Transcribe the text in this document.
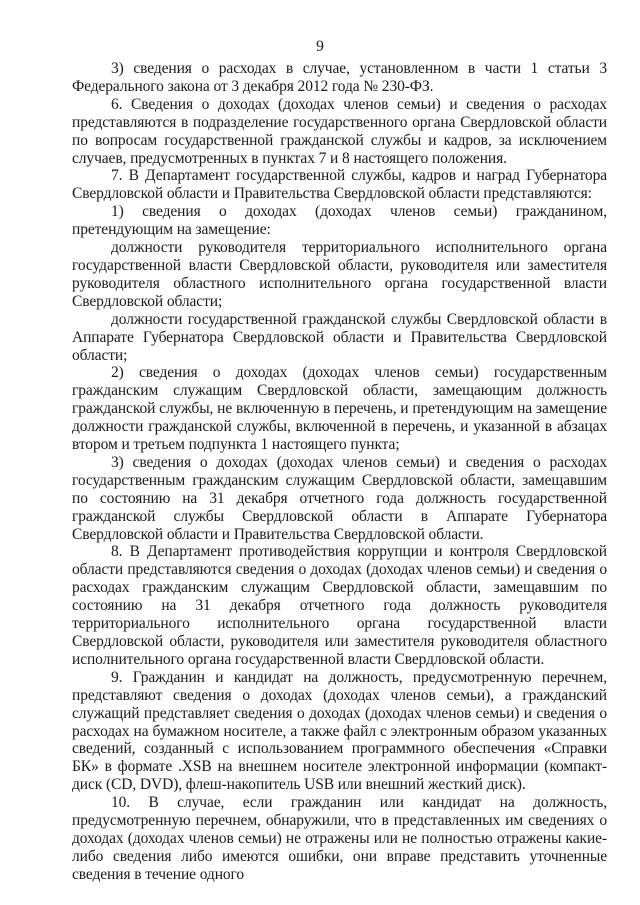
9

3) сведения о расходах в случае, установленном в части 1 статьи 3 Федерального закона от 3 декабря 2012 года № 230-ФЗ.

6. Сведения о доходах (доходах членов семьи) и сведения о расходах представляются в подразделение государственного органа Свердловской области по вопросам государственной гражданской службы и кадров, за исключением случаев, предусмотренных в пунктах 7 и 8 настоящего положения.

7. В Департамент государственной службы, кадров и наград Губернатора Свердловской области и Правительства Свердловской области представляются:

1) сведения о доходах (доходах членов семьи) гражданином, претендующим на замещение:

должности руководителя территориального исполнительного органа государственной власти Свердловской области, руководителя или заместителя руководителя областного исполнительного органа государственной власти Свердловской области;

должности государственной гражданской службы Свердловской области в Аппарате Губернатора Свердловской области и Правительства Свердловской области;

2) сведения о доходах (доходах членов семьи) государственным гражданским служащим Свердловской области, замещающим должность гражданской службы, не включенную в перечень, и претендующим на замещение должности гражданской службы, включенной в перечень, и указанной в абзацах втором и третьем подпункта 1 настоящего пункта;

3) сведения о доходах (доходах членов семьи) и сведения о расходах государственным гражданским служащим Свердловской области, замещавшим по состоянию на 31 декабря отчетного года должность государственной гражданской службы Свердловской области в Аппарате Губернатора Свердловской области и Правительства Свердловской области.

8. В Департамент противодействия коррупции и контроля Свердловской области представляются сведения о доходах (доходах членов семьи) и сведения о расходах гражданским служащим Свердловской области, замещавшим по состоянию на 31 декабря отчетного года должность руководителя территориального исполнительного органа государственной власти Свердловской области, руководителя или заместителя руководителя областного исполнительного органа государственной власти Свердловской области.

9. Гражданин и кандидат на должность, предусмотренную перечнем, представляют сведения о доходах (доходах членов семьи), а гражданский служащий представляет сведения о доходах (доходах членов семьи) и сведения о расходах на бумажном носителе, а также файл с электронным образом указанных сведений, созданный с использованием программного обеспечения «Справки БК» в формате .XSB на внешнем носителе электронной информации (компакт-диск (CD, DVD), флеш-накопитель USB или внешний жесткий диск).

10. В случае, если гражданин или кандидат на должность, предусмотренную перечнем, обнаружили, что в представленных им сведениях о доходах (доходах членов семьи) не отражены или не полностью отражены какие-либо сведения либо имеются ошибки, они вправе представить уточненные сведения в течение одного
